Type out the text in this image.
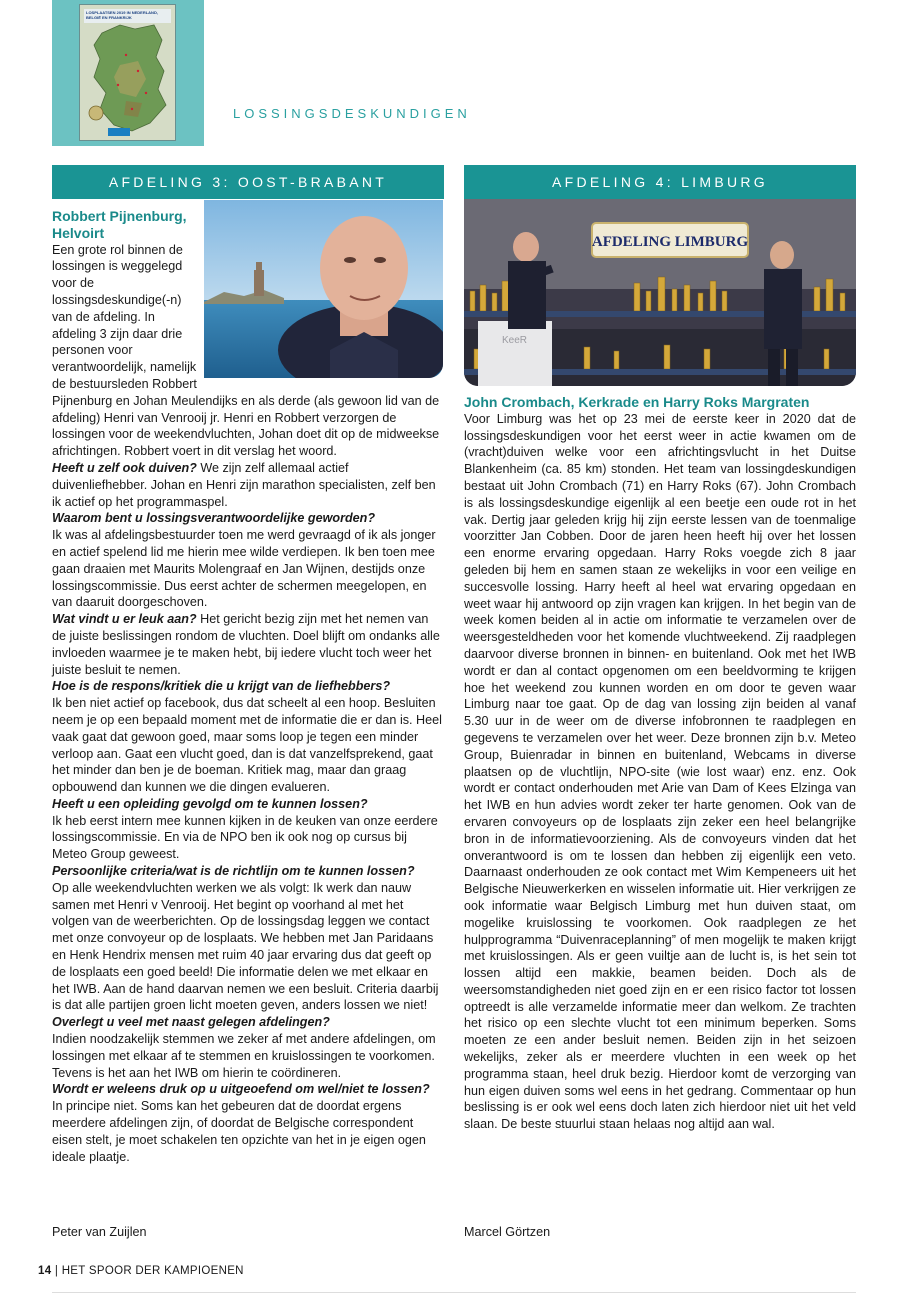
LOSPLAATSEN 2019 IN NEDERLAND, BELGIË EN FRANKRIJK
LOSSINGSDESKUNDIGEN
AFDELING 3: OOST-BRABANT	AFDELING 4: LIMBURG
AFDELING LIMBURG
KeeR
Robbert Pijnenburg,
Helvoirt

Een grote rol binnen de lossingen is weggelegd voor de lossingsdeskundige(-n) van de afdeling. In afdeling 3 zijn daar drie personen voor verantwoordelijk, namelijk de bestuursleden Robbert Pijnenburg en Johan Meulendijks en als derde (als gewoon lid van de afdeling) Henri van Venrooij jr. Henri en Robbert verzorgen de lossingen voor de weekendvluchten, Johan doet dit op de midweekse africhtingen. Robbert voert in dit verslag het woord.

Heeft u zelf ook duiven? We zijn zelf allemaal actief duivenliefhebber. Johan en Henri zijn marathon specialisten, zelf ben ik actief op het programmaspel.

Waarom bent u lossingsverantwoordelijke geworden?

Ik was al afdelingsbestuurder toen me werd gevraagd of ik als jonger en actief spelend lid me hierin mee wilde verdiepen. Ik ben toen mee gaan draaien met Maurits Molengraaf en Jan Wijnen, destijds onze lossingscommissie. Dus eerst achter de schermen meegelopen, en van daaruit doorgeschoven.

Wat vindt u er leuk aan? Het gericht bezig zijn met het nemen van de juiste beslissingen rondom de vluchten. Doel blijft om ondanks alle invloeden waarmee je te maken hebt, bij iedere vlucht toch weer het juiste besluit te nemen.

Hoe is de respons/kritiek die u krijgt van de liefhebbers?

Ik ben niet actief op facebook, dus dat scheelt al een hoop. Besluiten neem je op een bepaald moment met de informatie die er dan is. Heel vaak gaat dat gewoon goed, maar soms loop je tegen een minder verloop aan. Gaat een vlucht goed, dan is dat vanzelfsprekend, gaat het minder dan ben je de boeman. Kritiek mag, maar dan graag opbouwend dan kunnen we die dingen evalueren.

Heeft u een opleiding gevolgd om te kunnen lossen?

Ik heb eerst intern mee kunnen kijken in de keuken van onze eerdere lossingscommissie. En via de NPO ben ik ook nog op cursus bij Meteo Group geweest.

Persoonlijke criteria/wat is de richtlijn om te kunnen lossen?

Op alle weekendvluchten werken we als volgt: Ik werk dan nauw samen met Henri v Venrooij. Het begint op voorhand al met het volgen van de weerberichten. Op de lossingsdag leggen we contact met onze convoyeur op de losplaats. We hebben met Jan Paridaans en Henk Hendrix mensen met ruim 40 jaar ervaring dus dat geeft op de losplaats een goed beeld! Die informatie delen we met elkaar en het IWB. Aan de hand daarvan nemen we een besluit. Criteria daarbij is dat alle partijen groen licht moeten geven, anders lossen we niet!

Overlegt u veel met naast gelegen afdelingen?

Indien noodzakelijk stemmen we zeker af met andere afdelingen, om lossingen met elkaar af te stemmen en kruislossingen te voorkomen. Tevens is het aan het IWB om hierin te coördineren.

Wordt er weleens druk op u uitgeoefend om wel/niet te lossen?

In principe niet. Soms kan het gebeuren dat de doordat ergens meerdere afdelingen zijn, of doordat de Belgische correspondent eisen stelt, je moet schakelen ten opzichte van het in je eigen ogen ideale plaatje.

John Crombach, Kerkrade en Harry Roks Margraten

Voor Limburg was het op 23 mei de eerste keer in 2020 dat de lossingsdeskundigen voor het eerst weer in actie kwamen om de (vracht)duiven welke voor een africhtingsvlucht in het Duitse Blankenheim (ca. 85 km) stonden. Het team van lossingdeskundigen bestaat uit John Crombach (71) en Harry Roks (67). John Crombach is als lossingsdeskundige eigenlijk al een beetje een oude rot in het vak. Dertig jaar geleden krijg hij zijn eerste lessen van de toenmalige voorzitter Jan Cobben. Door de jaren heen heeft hij over het lossen een enorme ervaring opgedaan. Harry Roks voegde zich 8 jaar geleden bij hem en samen staan ze wekelijks in voor een veilige en succesvolle lossing. Harry heeft al heel wat ervaring opgedaan en weet waar hij antwoord op zijn vragen kan krijgen. In het begin van de week komen beiden al in actie om informatie te verzamelen over de weersgesteldheden voor het komende vluchtweekend. Zij raadplegen daarvoor diverse bronnen in binnen- en buitenland. Ook met het IWB wordt er dan al contact opgenomen om een beeldvorming te krijgen hoe het weekend zou kunnen worden en om door te geven waar Limburg naar toe gaat. Op de dag van lossing zijn beiden al vanaf 5.30 uur in de weer om de diverse infobronnen te raadplegen en gegevens te verzamelen over het weer. Deze bronnen zijn b.v. Meteo Group, Buienradar in binnen en buitenland, Webcams in diverse plaatsen op de vluchtlijn, NPO-site (wie lost waar) enz. enz. Ook wordt er contact onderhouden met Arie van Dam of Kees Elzinga van het IWB en hun advies wordt zeker ter harte genomen. Ook van de ervaren convoyeurs op de losplaats zijn zeker een heel belangrijke bron in de informatievoorziening. Als de convoyeurs vinden dat het onverantwoord is om te lossen dan hebben zij eigenlijk een veto. Daarnaast onderhouden ze ook contact met Wim Kempeneers uit het Belgische Nieuwerkerken en wisselen informatie uit. Hier verkrijgen ze ook informatie waar Belgisch Limburg met hun duiven staat, om mogelike kruislossing te voorkomen. Ook raadplegen ze het hulpprogramma “Duivenraceplanning” of men mogelijk te maken krijgt met kruislossingen. Als er geen vuiltje aan de lucht is, is het sein tot lossen altijd een makkie, beamen beiden. Doch als de weersomstandigheden niet goed zijn en er een risico factor tot lossen optreedt is alle verzamelde informatie meer dan welkom. Ze trachten het risico op een slechte vlucht tot een minimum beperken. Soms moeten ze een ander besluit nemen. Beiden zijn in het seizoen wekelijks, zeker als er meerdere vluchten in een week op het programma staan, heel druk bezig. Hierdoor komt de verzorging van hun eigen duiven soms wel eens in het gedrang. Commentaar op hun beslissing is er ook wel eens doch laten zich hierdoor niet uit het veld slaan. De beste stuurlui staan helaas nog altijd aan wal.

Peter van Zuijlen	Marcel Görtzen
14 | HET SPOOR DER KAMPIOENEN
